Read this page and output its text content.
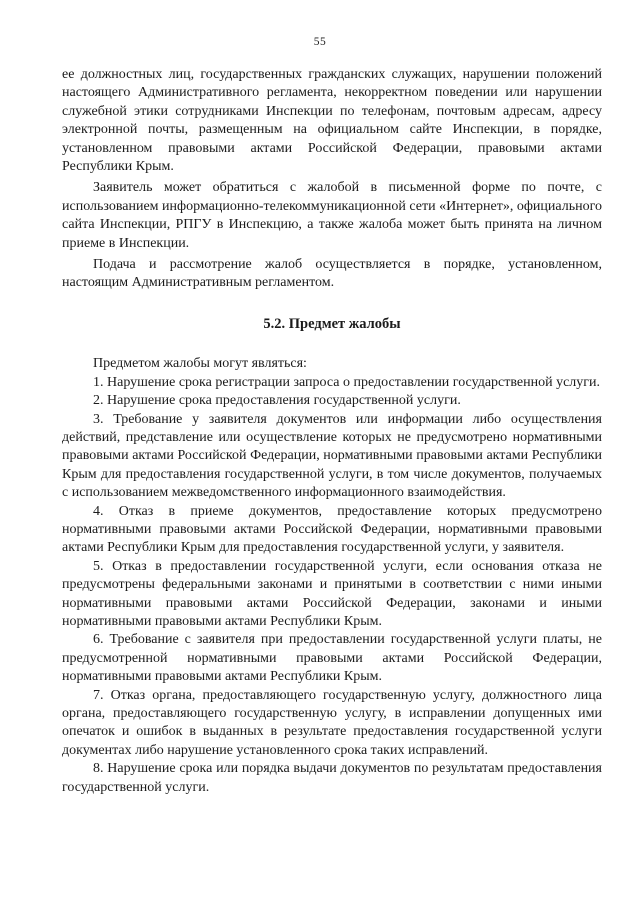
55

ее должностных лиц, государственных гражданских служащих, нарушении положений настоящего Административного регламента, некорректном поведении или нарушении служебной этики сотрудниками Инспекции по телефонам, почтовым адресам, адресу электронной почты, размещенным на официальном сайте Инспекции, в порядке, установленном правовыми актами Российской Федерации, правовыми актами Республики Крым.

Заявитель может обратиться с жалобой в письменной форме по почте, с использованием информационно-телекоммуникационной сети «Интернет», официального сайта Инспекции, РПГУ в Инспекцию, а также жалоба может быть принята на личном приеме в Инспекции.

Подача и рассмотрение жалоб осуществляется в порядке, установленном, настоящим Административным регламентом.

5.2. Предмет жалобы

Предметом жалобы могут являться:

1. Нарушение срока регистрации запроса о предоставлении государственной услуги.

2. Нарушение срока предоставления государственной услуги.

3. Требование у заявителя документов или информации либо осуществления действий, представление или осуществление которых не предусмотрено нормативными правовыми актами Российской Федерации, нормативными правовыми актами Республики Крым для предоставления государственной услуги, в том числе документов, получаемых с использованием межведомственного информационного взаимодействия.

4. Отказ в приеме документов, предоставление которых предусмотрено нормативными правовыми актами Российской Федерации, нормативными правовыми актами Республики Крым для предоставления государственной услуги, у заявителя.

5. Отказ в предоставлении государственной услуги, если основания отказа не предусмотрены федеральными законами и принятыми в соответствии с ними иными нормативными правовыми актами Российской Федерации, законами и иными нормативными правовыми актами Республики Крым.

6. Требование с заявителя при предоставлении государственной услуги платы, не предусмотренной нормативными правовыми актами Российской Федерации, нормативными правовыми актами Республики Крым.

7. Отказ органа, предоставляющего государственную услугу, должностного лица органа, предоставляющего государственную услугу, в исправлении допущенных ими опечаток и ошибок в выданных в результате предоставления государственной услуги документах либо нарушение установленного срока таких исправлений.

8. Нарушение срока или порядка выдачи документов по результатам предоставления государственной услуги.
